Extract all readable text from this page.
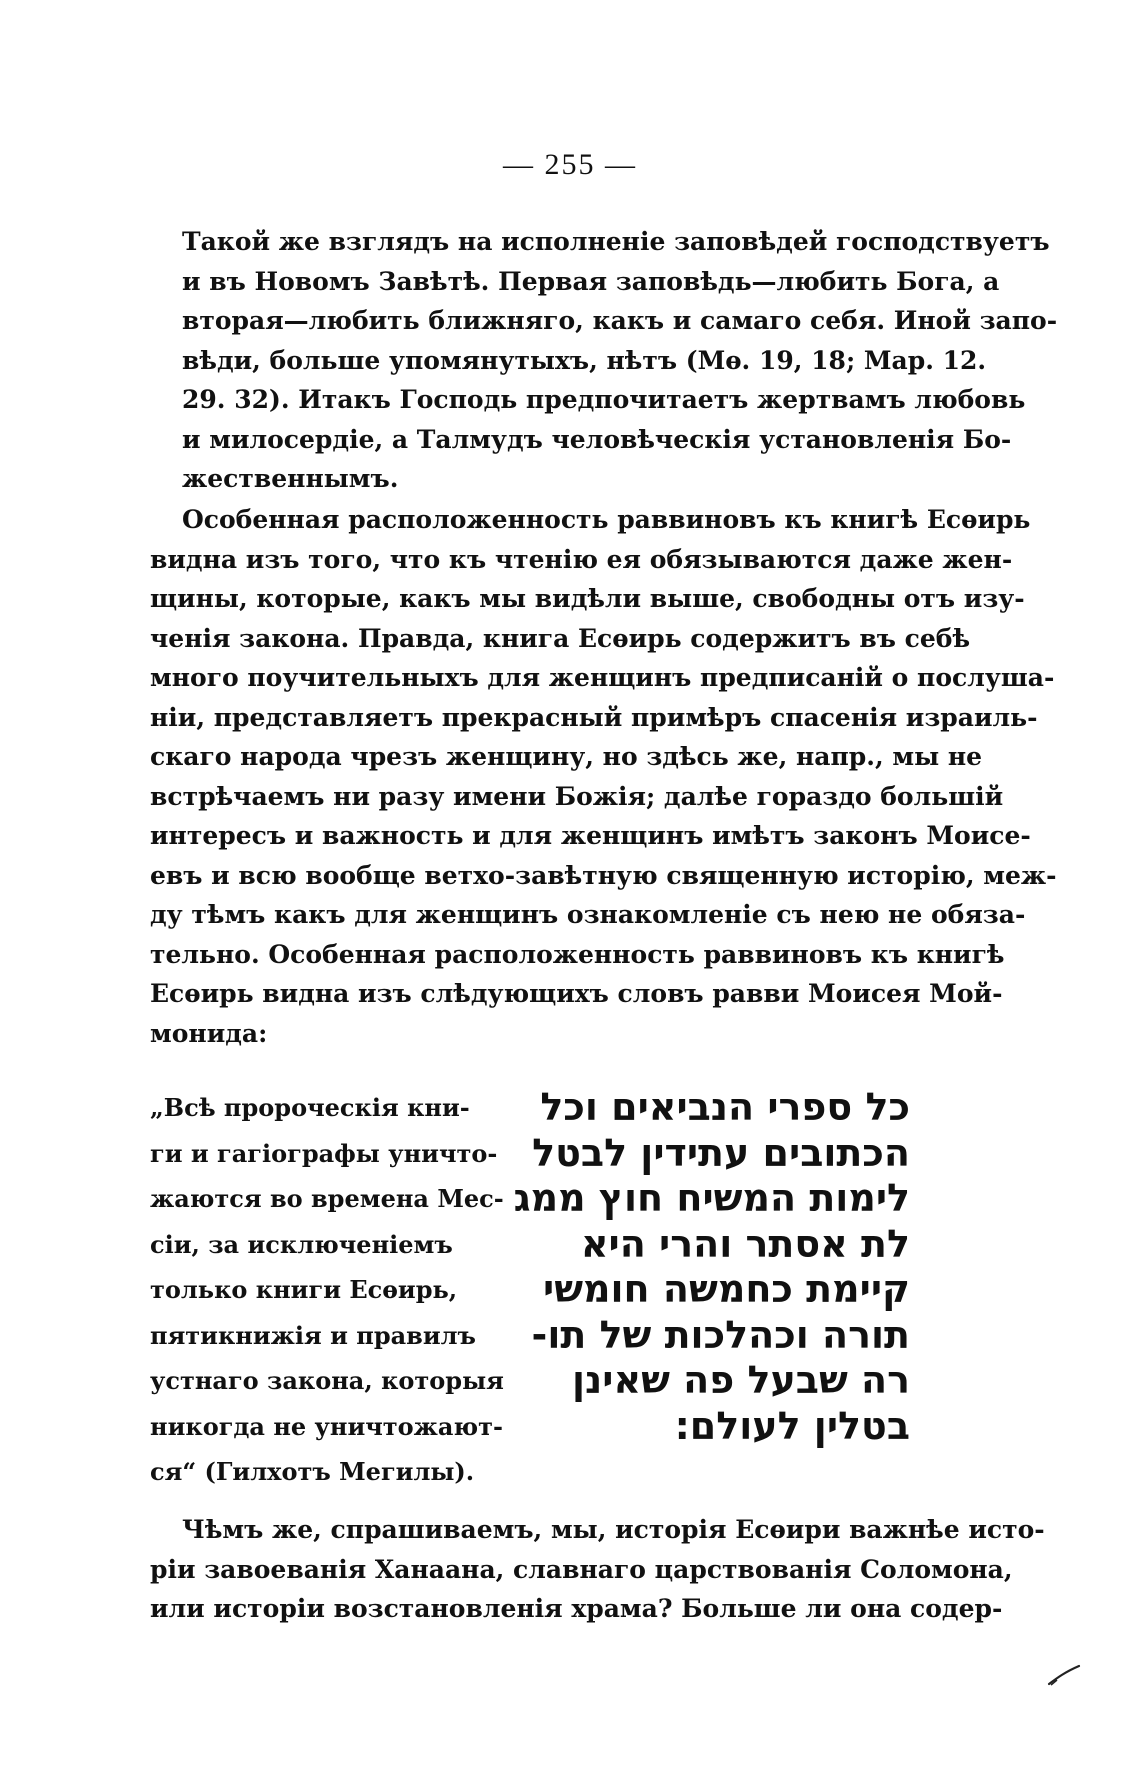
— 255 —
Такой же взглядъ на исполненіе заповѣдей господствуетъ
и въ Новомъ Завѣтѣ. Первая заповѣдь—любить Бога, а
вторая—любить ближняго, какъ и самаго себя. Иной запо-
вѣди, больше упомянутыхъ, нѣтъ (Мѳ. 19, 18; Мар. 12.
29. 32). Итакъ Господь предпочитаетъ жертвамъ любовь
и милосердіе, а Талмудъ человѣческія установленія Бо-
жественнымъ.
Особенная расположенность раввиновъ къ книгѣ Есѳирь
видна изъ того, что къ чтенію ея обязываются даже жен-
щины, которые, какъ мы видѣли выше, свободны отъ изу-
ченія закона. Правда, книга Есѳирь содержитъ въ себѣ
много поучительныхъ для женщинъ предписаній о послуша-
ніи, представляетъ прекрасный примѣръ спасенія израиль-
скаго народа чрезъ женщину, но здѣсь же, напр., мы не
встрѣчаемъ ни разу имени Божія; далѣе гораздо большій
интересъ и важность и для женщинъ имѣтъ законъ Моисе-
евъ и всю вообще ветхо-завѣтную священную исторію, меж-
ду тѣмъ какъ для женщинъ ознакомленіе съ нею не обяза-
тельно. Особенная расположенность раввиновъ къ книгѣ
Есѳирь видна изъ слѣдующихъ словъ равви Моисея Мой-
монида:
„Всѣ пророческія кни-
ги и гагіографы уничто-
жаются во времена Мес-
сіи, за исключеніемъ
только книги Есѳирь,
пятикнижія и правилъ
устнаго закона, которыя
никогда не уничтожают-
ся“ (Гилхотъ Мегилы).
כל ספרי הנביאים וכל
הכתובים עתידין לבטל
לימות המשיח חוץ ממג
לת אסתר והרי היא
קיימת כחמשה חומשי
תורה וכהלכות של תו-
רה שבעל פה שאינן
בטלין לעולם:
Чѣмъ же, спрашиваемъ, мы, исторія Есѳири важнѣе исто-
ріи завоеванія Ханаана, славнаго царствованія Соломона,
или исторіи возстановленія храма? Больше ли она содер-
